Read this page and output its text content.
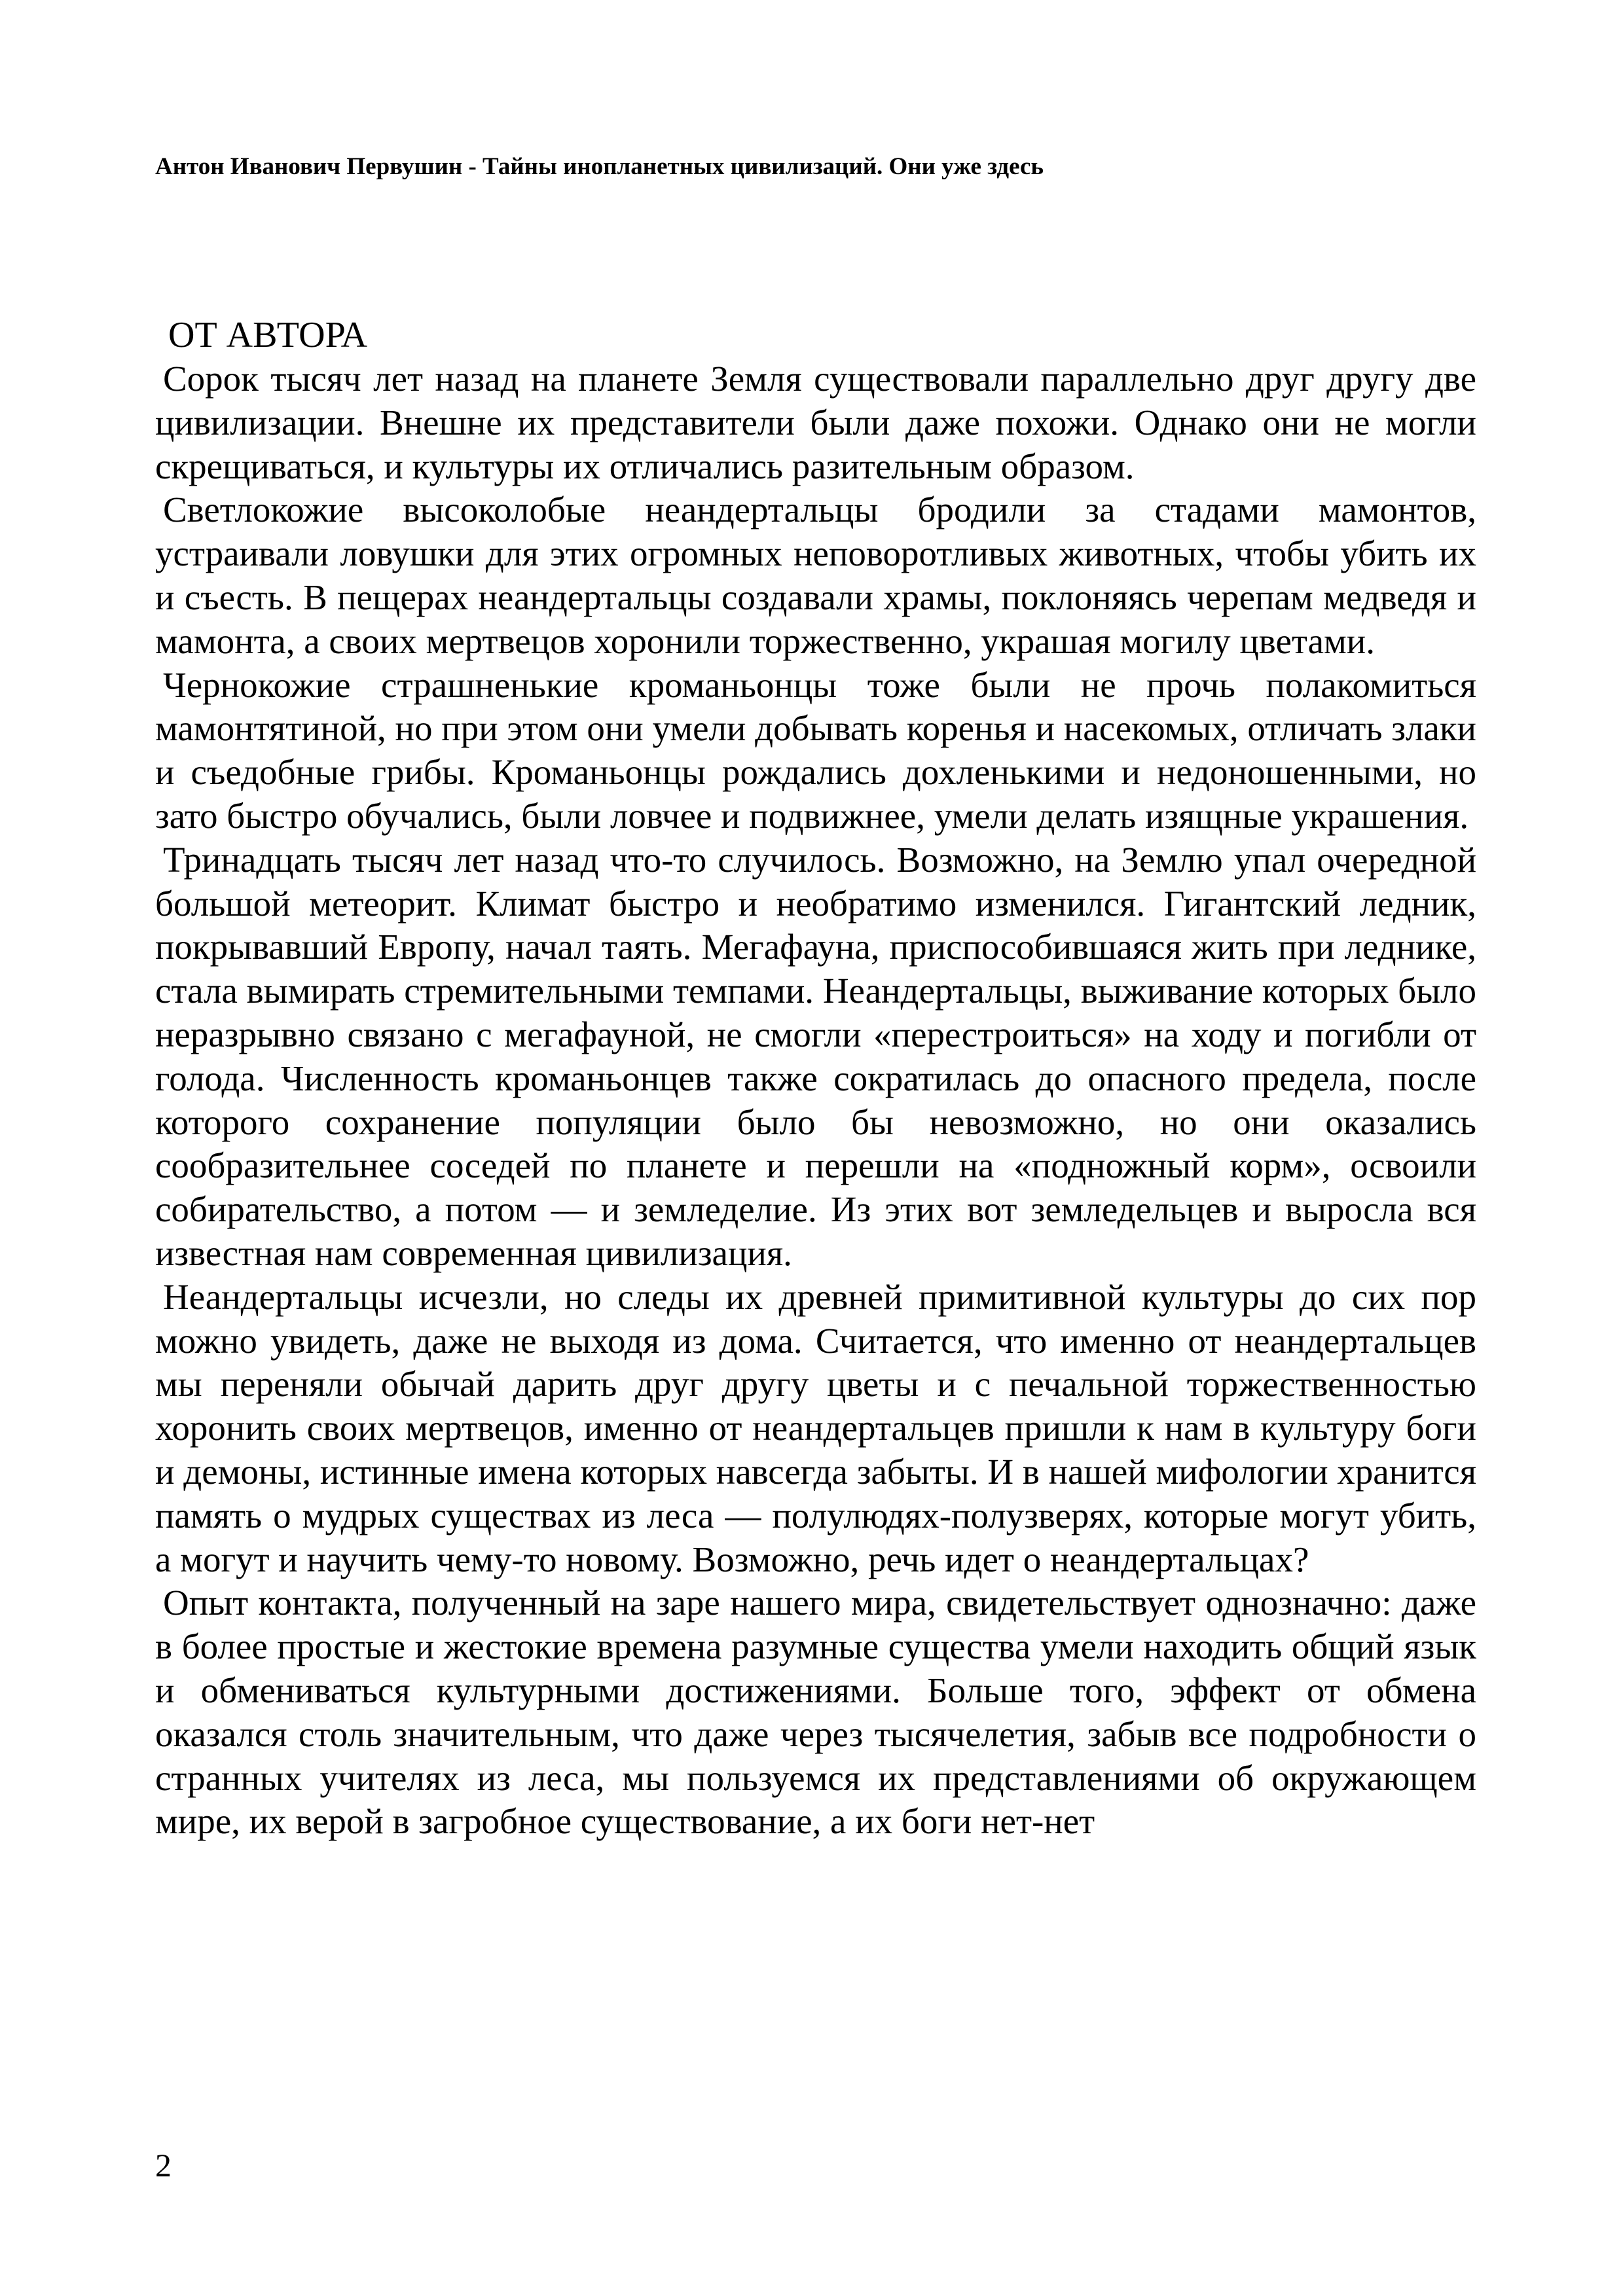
Антон Иванович Первушин - Тайны инопланетных цивилизаций. Они уже здесь
ОТ АВТОРА

Сорок тысяч лет назад на планете Земля существовали параллельно друг другу две цивилизации. Внешне их представители были даже похожи. Однако они не могли скрещиваться, и культуры их отличались разительным образом.

Светлокожие высоколобые неандертальцы бродили за стадами мамонтов, устраивали ловушки для этих огромных неповоротливых животных, чтобы убить их и съесть. В пещерах неандертальцы создавали храмы, поклоняясь черепам медведя и мамонта, а своих мертвецов хоронили торжественно, украшая могилу цветами.

Чернокожие страшненькие кроманьонцы тоже были не прочь полакомиться мамонтятиной, но при этом они умели добывать коренья и насекомых, отличать злаки и съедобные грибы. Кроманьонцы рождались дохленькими и недоношенными, но зато быстро обучались, были ловчее и подвижнее, умели делать изящные украшения.

Тринадцать тысяч лет назад что-то случилось. Возможно, на Землю упал очередной большой метеорит. Климат быстро и необратимо изменился. Гигантский ледник, покрывавший Европу, начал таять. Мегафауна, приспособившаяся жить при леднике, стала вымирать стремительными темпами. Неандертальцы, выживание которых было неразрывно связано с мегафауной, не смогли «перестроиться» на ходу и погибли от голода. Численность кроманьонцев также сократилась до опасного предела, после которого сохранение популяции было бы невозможно, но они оказались сообразительнее соседей по планете и перешли на «подножный корм», освоили собирательство, а потом — и земледелие. Из этих вот земледельцев и выросла вся известная нам современная цивилизация.

Неандертальцы исчезли, но следы их древней примитивной культуры до сих пор можно увидеть, даже не выходя из дома. Считается, что именно от неандертальцев мы переняли обычай дарить друг другу цветы и с печальной торжественностью хоронить своих мертвецов, именно от неандертальцев пришли к нам в культуру боги и демоны, истинные имена которых навсегда забыты. И в нашей мифологии хранится память о мудрых существах из леса — полулюдях-полузверях, которые могут убить, а могут и научить чему-то новому. Возможно, речь идет о неандертальцах?

Опыт контакта, полученный на заре нашего мира, свидетельствует однозначно: даже в более простые и жестокие времена разумные существа умели находить общий язык и обмениваться культурными достижениями. Больше того, эффект от обмена оказался столь значительным, что даже через тысячелетия, забыв все подробности о странных учителях из леса, мы пользуемся их представлениями об окружающем мире, их верой в загробное существование, а их боги нет-нет

2
